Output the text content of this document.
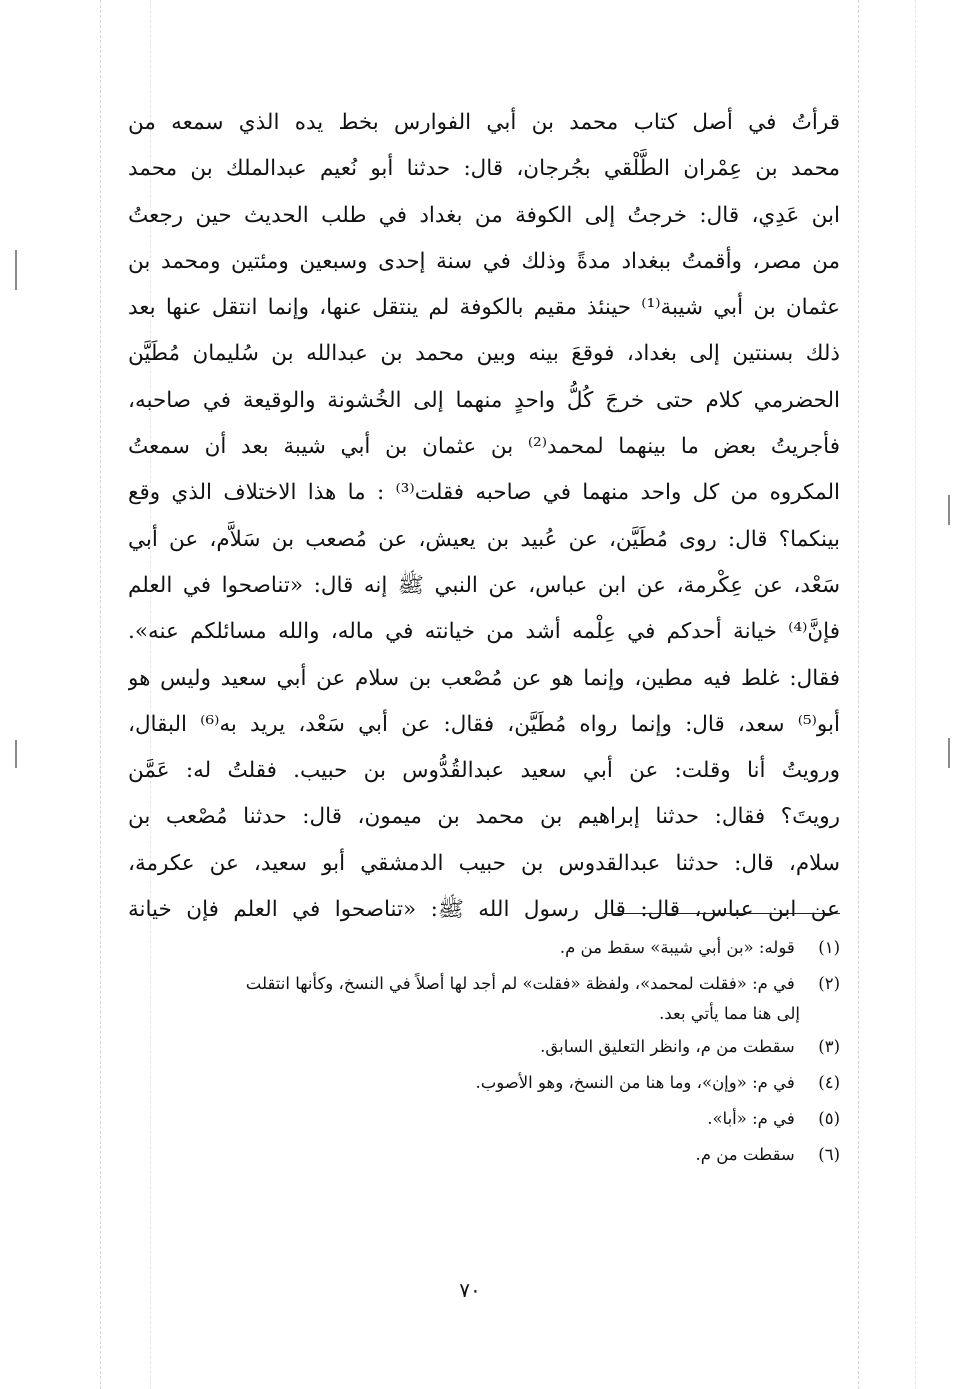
قرأتُ في أصل كتاب محمد بن أبي الفوارس بخط يده الذي سمعه من
محمد بن عِمْران الطَّلْقي بجُرجان، قال: حدثنا أبو نُعيم عبدالملك بن محمد
ابن عَدِي، قال: خرجتُ إلى الكوفة من بغداد في طلب الحديث حين رجعتُ
من مصر، وأقمتُ ببغداد مدةً وذلك في سنة إحدى وسبعين ومئتين ومحمد بن
عثمان بن أبي شيبة⁽¹⁾ حينئذ مقيم بالكوفة لم ينتقل عنها، وإنما انتقل عنها بعد
ذلك بسنتين إلى بغداد، فوقعَ بينه وبين محمد بن عبدالله بن سُليمان مُطَيَّن
الحضرمي كلام حتى خرجَ كُلُّ واحدٍ منهما إلى الخُشونة والوقيعة في صاحبه،
فأجريتُ بعض ما بينهما لمحمد⁽²⁾ بن عثمان بن أبي شيبة بعد أن سمعتُ
المكروه من كل واحد منهما في صاحبه فقلت⁽³⁾ : ما هذا الاختلاف الذي وقع
بينكما؟ قال: روى مُطَيَّن، عن عُبيد بن يعيش، عن مُصعب بن سَلاَّم، عن أبي
سَعْد، عن عِكْرمة، عن ابن عباس، عن النبي ﷺ إنه قال: «تناصحوا في العلم
فإنَّ⁽⁴⁾ خيانة أحدكم في عِلْمه أشد من خيانته في ماله، والله مسائلكم عنه».
فقال: غلط فيه مطين، وإنما هو عن مُصْعب بن سلام عن أبي سعيد وليس هو
أبو⁽⁵⁾ سعد، قال: وإنما رواه مُطَيَّن، فقال: عن أبي سَعْد، يريد به⁽⁶⁾ البقال،
ورويتُ أنا وقلت: عن أبي سعيد عبدالقُدُّوس بن حبيب. فقلتُ له: عَمَّن
رويتَ؟ فقال: حدثنا إبراهيم بن محمد بن ميمون، قال: حدثنا مُصْعب بن
سلام، قال: حدثنا عبدالقدوس بن حبيب الدمشقي أبو سعيد، عن عكرمة،
عن ابن عباس، قال: قال رسول الله ﷺ: «تناصحوا في العلم فإن خيانة
(١) قوله: «بن أبي شيبة» سقط من م.
(٢) في م: «فقلت لمحمد»، ولفظة «فقلت» لم أجد لها أصلاً في النسخ، وكأنها انتقلت
إلى هنا مما يأتي بعد.
(٣) سقطت من م، وانظر التعليق السابق.
(٤) في م: «وإن»، وما هنا من النسخ، وهو الأصوب.
(٥) في م: «أبا».
(٦) سقطت من م.
٧٠
